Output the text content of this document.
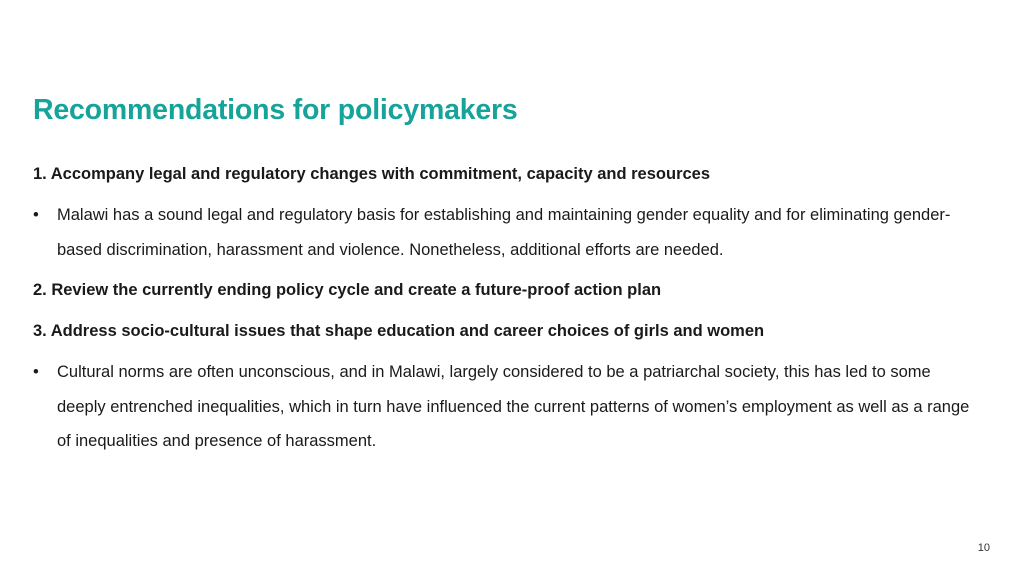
Recommendations for policymakers

1. Accompany legal and regulatory changes with commitment, capacity and resources

• Malawi has a sound legal and regulatory basis for establishing and maintaining gender equality and for eliminating gender-based discrimination, harassment and violence. Nonetheless, additional efforts are needed.

2. Review the currently ending policy cycle and create a future-proof action plan

3. Address socio-cultural issues that shape education and career choices of girls and women

• Cultural norms are often unconscious, and in Malawi, largely considered to be a patriarchal society, this has led to some deeply entrenched inequalities, which in turn have influenced the current patterns of women’s employment as well as a range of inequalities and presence of harassment.
10
